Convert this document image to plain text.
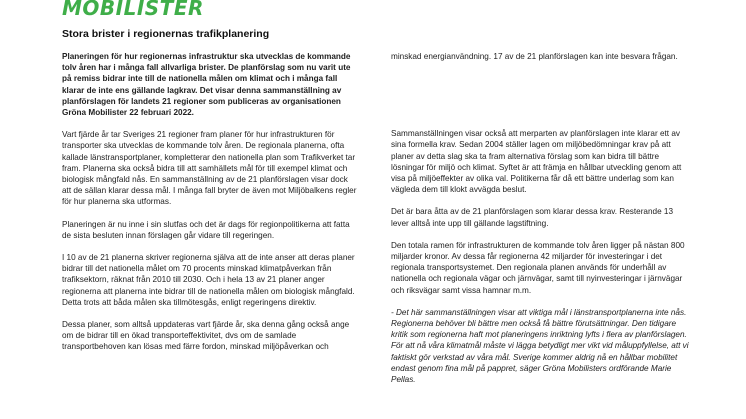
MOBILISTER
Stora brister i regionernas trafikplanering

Planeringen för hur regionernas infrastruktur ska utvecklas de kommande tolv åren har i många fall allvarliga brister. De planförslag som nu varit ute på remiss bidrar inte till de nationella målen om klimat och i många fall klarar de inte ens gällande lagkrav. Det visar denna sammanställning av planförslagen för landets 21 regioner som publiceras av organisationen Gröna Mobilister 22 februari 2022.

Vart fjärde år tar Sveriges 21 regioner fram planer för hur infrastrukturen för transporter ska utvecklas de kommande tolv åren. De regionala planerna, ofta kallade länstransportplaner, kompletterar den nationella plan som Trafikverket tar fram. Planerna ska också bidra till att samhällets mål för till exempel klimat och biologisk mångfald nås. En sammanställning av de 21 planförslagen visar dock att de sällan klarar dessa mål. I många fall bryter de även mot Miljöbalkens regler för hur planerna ska utformas.

Planeringen är nu inne i sin slutfas och det är dags för regionpolitikerna att fatta de sista besluten innan förslagen går vidare till regeringen.

I 10 av de 21 planerna skriver regionerna själva att de inte anser att deras planer bidrar till det nationella målet om 70 procents minskad klimatpåverkan från trafiksektorn, räknat från 2010 till 2030. Och i hela 13 av 21 planer anger regionerna att planerna inte bidrar till de nationella målen om biologisk mångfald. Detta trots att båda målen ska tillmötesgås, enligt regeringens direktiv.

Dessa planer, som alltså uppdateras vart fjärde år, ska denna gång också ange om de bidrar till en ökad transporteffektivitet, dvs om de samlade transportbehoven kan lösas med färre fordon, minskad miljöpåverkan och

minskad energianvändning. 17 av de 21 planförslagen kan inte besvara frågan.

Sammanställningen visar också att merparten av planförslagen inte klarar ett av sina formella krav. Sedan 2004 ställer lagen om miljöbedömningar krav på att planer av detta slag ska ta fram alternativa förslag som kan bidra till bättre lösningar för miljö och klimat. Syftet är att främja en hållbar utveckling genom att visa på miljöeffekter av olika val. Politikerna får då ett bättre underlag som kan vägleda dem till klokt avvägda beslut.

Det är bara åtta av de 21 planförslagen som klarar dessa krav. Resterande 13 lever alltså inte upp till gällande lagstiftning.

Den totala ramen för infrastrukturen de kommande tolv åren ligger på nästan 800 miljarder kronor. Av dessa får regionerna 42 miljarder för investeringar i det regionala transportsystemet. Den regionala planen används för underhåll av nationella och regionala vägar och järnvägar, samt till nyinvesteringar i järnvägar och riksvägar samt vissa hamnar m.m.

- Det här sammanställningen visar att viktiga mål i länstransportplanerna inte nås. Regionerna behöver bli bättre men också få bättre förutsättningar. Den tidigare kritik som regionerna haft mot planeringens inriktning lyfts i flera av planförslagen. För att nå våra klimatmål måste vi lägga betydligt mer vikt vid måluppfyllelse, att vi faktiskt gör verkstad av våra mål. Sverige kommer aldrig nå en hållbar mobilitet endast genom fina mål på pappret, säger Gröna Mobilisters ordförande Marie Pellas.
